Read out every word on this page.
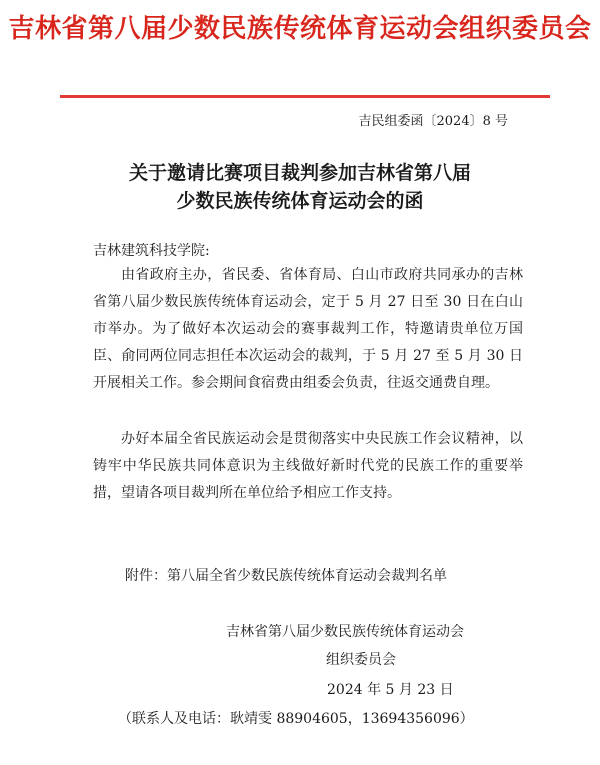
吉林省第八届少数民族传统体育运动会组织委员会
吉民组委函〔2024〕8 号
关于邀请比赛项目裁判参加吉林省第八届
少数民族传统体育运动会的函
吉林建筑科技学院:
由省政府主办，省民委、省体育局、白山市政府共同承办的吉林省第八届少数民族传统体育运动会，定于 5 月 27 日至 30 日在白山市举办。为了做好本次运动会的赛事裁判工作，特邀请贵单位万国臣、俞同两位同志担任本次运动会的裁判，于 5 月 27 至 5 月 30 日开展相关工作。参会期间食宿费由组委会负责，往返交通费自理。
办好本届全省民族运动会是贯彻落实中央民族工作会议精神，以铸牢中华民族共同体意识为主线做好新时代党的民族工作的重要举措，望请各项目裁判所在单位给予相应工作支持。
附件：第八届全省少数民族传统体育运动会裁判名单
吉林省第八届少数民族传统体育运动会
组织委员会
2024 年 5 月 23 日
（联系人及电话：耿靖雯 88904605，13694356096）
